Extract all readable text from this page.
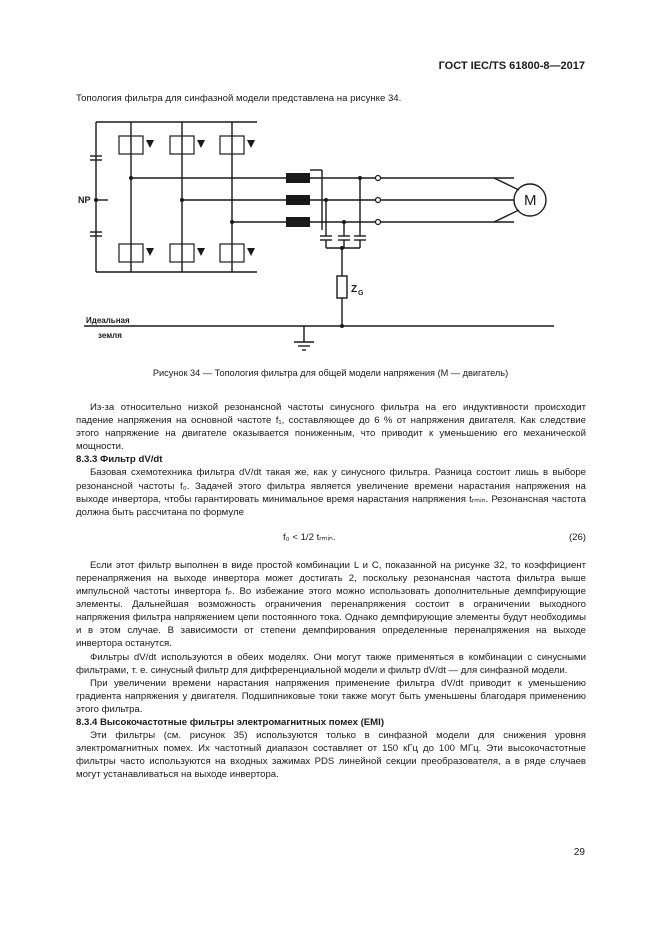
ГОСТ IEC/TS 61800-8—2017
Топология фильтра для синфазной модели представлена на рисунке 34.
NP	M
Z G
Идеальная
земля
Рисунок 34 — Топология фильтра для общей модели напряжения (М — двигатель)

Из-за относительно низкой резонансной частоты синусного фильтра на его индуктивности происходит падение напряжения на основной частоте f₁, составляющее до 6 % от напряжения двигателя. Как следствие этого напряжение на двигателе оказывается пониженным, что приводит к уменьшению его механической мощности.

8.3.3 Фильтр dV/dt

Базовая схемотехника фильтра dV/dt такая же, как у синусного фильтра. Разница состоит лишь в выборе резонансной частоты f₀. Задачей этого фильтра является увеличение времени нарастания напряжения на выходе инвертора, чтобы гарантировать минимальное время нарастания напряжения tᵣₘᵢₙ. Резонансная частота должна быть рассчитана по формуле

f₀ < 1/2 tᵣₘᵢₙ.	(26)

Если этот фильтр выполнен в виде простой комбинации L и C, показанной на рисунке 32, то коэффициент перенапряжения на выходе инвертора может достигать 2, поскольку резонансная частота фильтра выше импульсной частоты инвертора fₚ. Во избежание этого можно использовать дополнительные демпфирующие элементы. Дальнейшая возможность ограничения перенапряжения состоит в ограничении выходного напряжения фильтра напряжением цепи постоянного тока. Однако демпфирующие элементы будут необходимы и в этом случае. В зависимости от степени демпфирования определенные перенапряжения на выходе инвертора останутся.

Фильтры dV/dt используются в обеих моделях. Они могут также применяться в комбинации с синусными фильтрами, т. е. синусный фильтр для дифференциальной модели и фильтр dV/dt — для синфазной модели.

При увеличении времени нарастания напряжения применение фильтра dV/dt приводит к уменьшению градиента напряжения у двигателя. Подшипниковые токи также могут быть уменьшены благодаря применению этого фильтра.

8.3.4 Высокочастотные фильтры электромагнитных помех (EMI)

Эти фильтры (см. рисунок 35) используются только в синфазной модели для снижения уровня электромагнитных помех. Их частотный диапазон составляет от 150 кГц до 100 МГц. Эти высокочастотные фильтры часто используются на входных зажимах PDS линейной секции преобразователя, а в ряде случаев могут устанавливаться на выходе инвертора.

29
